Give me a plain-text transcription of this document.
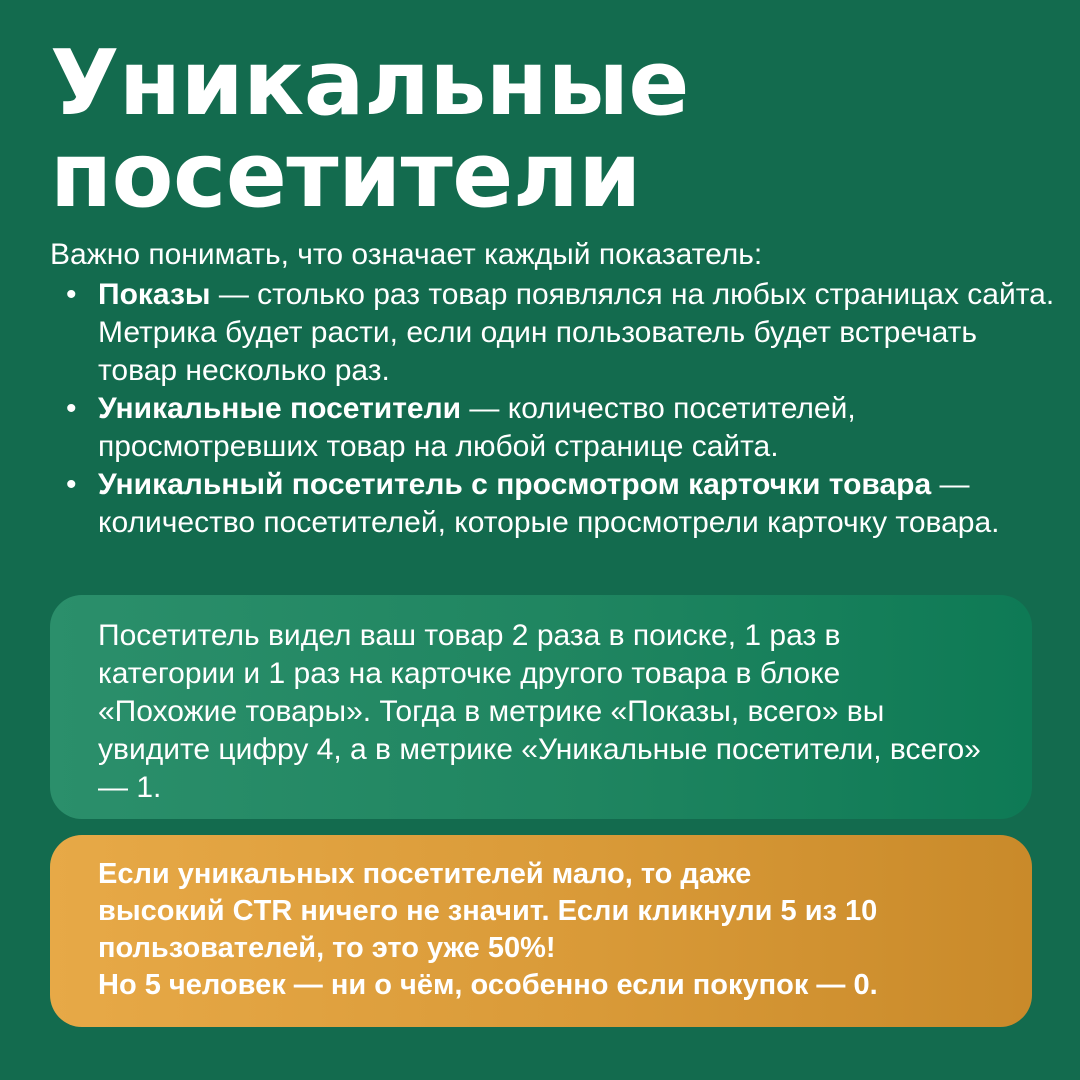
Уникальные
посетители

Важно понимать, что означает каждый показатель:

• Показы — столько раз товар появлялся на любых страницах сайта. Метрика будет расти, если один пользователь будет встречать товар несколько раз.
• Уникальные посетители — количество посетителей, просмотревших товар на любой странице сайта.
• Уникальный посетитель с просмотром карточки товара — количество посетителей, которые просмотрели карточку товара.

Посетитель видел ваш товар 2 раза в поиске, 1 раз в категории и 1 раз на карточке другого товара в блоке «Похожие товары». Тогда в метрике «Показы, всего» вы увидите цифру 4, а в метрике «Уникальные посетители, всего» — 1.

Если уникальных посетителей мало, то даже

высокий CTR ничего не значит. Если кликнули 5 из 10

пользователей, то это уже 50%!

Но 5 человек — ни о чём, особенно если покупок — 0.
